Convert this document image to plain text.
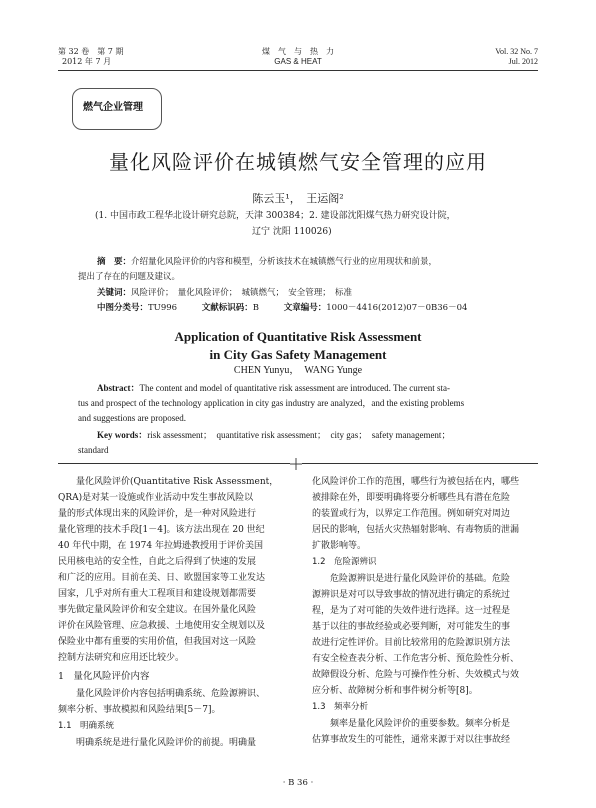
第 32 卷　第 7 期
2012 年 7 月
煤　气　与　热　力
GAS & HEAT
Vol. 32 No. 7
Jul. 2012
燃气企业管理
量化风险评价在城镇燃气安全管理的应用
陈云玉¹，　王运阁²
(1. 中国市政工程华北设计研究总院，天津 300384；2. 建设部沈阳煤气热力研究设计院，
辽宁 沈阳 110026)
摘　要：介绍量化风险评价的内容和模型，分析该技术在城镇燃气行业的应用现状和前景，
提出了存在的问题及建议。
关键词：风险评价；　量化风险评价；　城镇燃气；　安全管理；　标准
中图分类号：TU996	文献标识码：B	文章编号：1000－4416(2012)07－0B36－04
Application of Quantitative Risk Assessment
in City Gas Safety Management
CHEN Yunyu，　WANG Yunge
Abstract：The content and model of quantitative risk assessment are introduced. The current sta-
tus and prospect of the technology application in city gas industry are analyzed，and the existing problems
and suggestions are proposed.
Key words：risk assessment；　quantitative risk assessment；　city gas；　safety management；
standard

量化风险评价(Quantitative Risk Assessment，

QRA)是对某一设施或作业活动中发生事故风险以

量的形式体现出来的风险评价，是一种对风险进行

量化管理的技术手段[1－4]。该方法出现在 20 世纪

40 年代中期，在 1974 年拉姆逊教授用于评价美国

民用核电站的安全性，自此之后得到了快速的发展

和广泛的应用。目前在美、日、欧盟国家等工业发达

国家，几乎对所有重大工程项目和建设规划都需要

事先做定量风险评价和安全建议。在国外量化风险

评价在风险管理、应急救援、土地使用安全规划以及

保险业中都有重要的实用价值，但我国对这一风险

控制方法研究和应用还比较少。

1　量化风险评价内容

量化风险评价内容包括明确系统、危险源辨识、

频率分析、事故模拟和风险结果[5－7]。

1.1　明确系统

明确系统是进行量化风险评价的前提。明确量

化风险评价工作的范围，哪些行为被包括在内，哪些

被排除在外，即要明确将要分析哪些具有潜在危险

的装置或行为，以界定工作范围。例如研究对周边

居民的影响，包括火灾热辐射影响、有毒物质的泄漏

扩散影响等。

1.2　危险源辨识

危险源辨识是进行量化风险评价的基础。危险

源辨识是对可以导致事故的情况进行确定的系统过

程，是为了对可能的失效件进行选择。这一过程是

基于以往的事故经验或必要判断，对可能发生的事

故进行定性评价。目前比较常用的危险源识别方法

有安全检查表分析、工作危害分析、预危险性分析、

故障假设分析、危险与可操作性分析、失效模式与效

应分析、故障树分析和事件树分析等[8]。

1.3　频率分析

频率是量化风险评价的重要参数。频率分析是

估算事故发生的可能性，通常来源于对以往事故经

· B 36 ·
